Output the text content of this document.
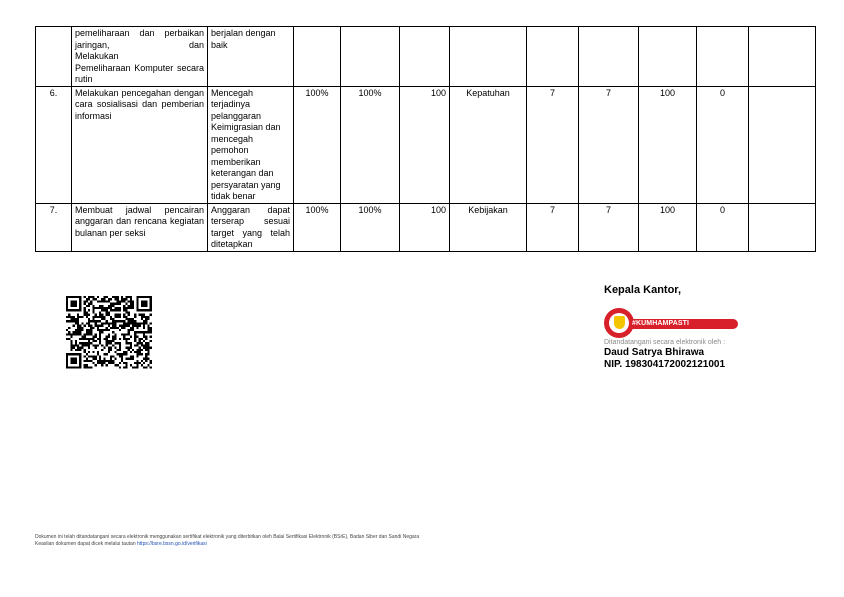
	pemeliharaan dan perbaikan jaringan, dan
Melakukan
Pemeliharaan Komputer secara rutin	berjalan dengan baik									
6.	Melakukan pencegahan dengan cara sosialisasi dan pemberian informasi	Mencegah terjadinya pelanggaran Keimigrasian dan mencegah pemohon memberikan keterangan dan persyaratan yang tidak benar	100%	100%	100	Kepatuhan	7	7	100	0	
7.	Membuat jadwal pencairan anggaran dan rencana kegiatan bulanan per seksi	Anggaran dapat terserap sesuai target yang telah ditetapkan	100%	100%	100	Kebijakan	7	7	100	0	
Kepala Kantor,
#KUMHAMPASTI
Ditandatangani secara elektronik oleh :
Daud Satrya Bhirawa
NIP. 198304172002121001
Dokumen ini telah ditandatangani secara elektronik menggunakan sertifikat elektronik yang diterbitkan oleh Balai Sertifikasi Elektronik (BSrE), Badan Siber dan Sandi Negara
Keaslian dokumen dapat dicek melalui tautan https://bsre.bssn.go.id/verifikasi
